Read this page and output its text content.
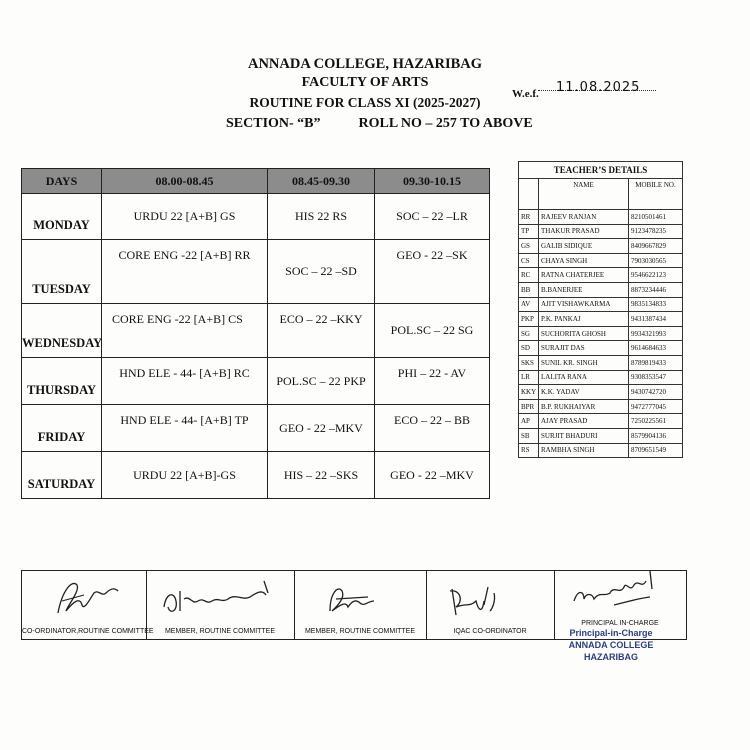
ANNADA COLLEGE, HAZARIBAG
FACULTY OF ARTS
ROUTINE FOR CLASS XI (2025-2027)
SECTION- “B”	ROLL NO – 257 TO ABOVE
W.e.f. 11.08.2025
DAYS	08.00-08.45	08.45-09.30	09.30-10.15
MONDAY	URDU 22 [A+B] GS	HIS 22 RS	SOC – 22 –LR
TUESDAY	CORE ENG -22 [A+B] RR	SOC – 22 –SD	GEO - 22 –SK
WEDNESDAY	CORE ENG -22 [A+B] CS	ECO – 22 –KKY	POL.SC – 22 SG
THURSDAY	HND ELE - 44- [A+B] RC	POL.SC – 22 PKP	PHI – 22 - AV
FRIDAY	HND ELE - 44- [A+B] TP	GEO - 22 –MKV	ECO – 22 – BB
SATURDAY	URDU 22 [A+B]-GS	HIS – 22 –SKS	GEO - 22 –MKV
TEACHER’S DETAILS		
	NAME	MOBILE NO.
RR	RAJEEV RANJAN	8210501461
TP	THAKUR PRASAD	9123478235
GS	GALIB SIDIQUE	8409667829
CS	CHAYA SINGH	7903030565
RC	RATNA CHATERJEE	9546622123
BB	B.BANERJEE	8873234446
AV	AJIT VISHAWKARMA	9835134833
PKP	P.K. PANKAJ	9431387434
SG	SUCHORITA GHOSH	9934321993
SD	SURAJIT DAS	9614684633
SKS	SUNIL KR. SINGH	8789819433
LR	LALITA RANA	9308353547
KKY	K.K. YADAV	9430742720
BPR	B.P. RUKHAIYAR	9472777045
AP	AJAY PRASAD	7250225561
SB	SURJIT BHADURI	8579904136
RS	RAMBHA SINGH	8709651549
CO-ORDINATOR,ROUTINE COMMITTEE	MEMBER, ROUTINE COMMITTEE	MEMBER, ROUTINE COMMITTEE	IQAC CO-ORDINATOR
PRINCIPAL IN-CHARGE
Principal-in-Charge
ANNADA COLLEGE
HAZARIBAG
